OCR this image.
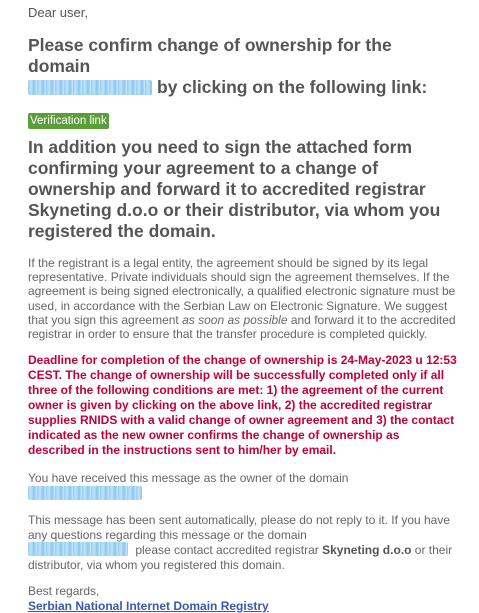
Dear user,

Please confirm change of ownership for the domain
by clicking on the following link:

Verification link

In addition you need to sign the attached form confirming your agreement to a change of ownership and forward it to accredited registrar Skyneting d.o.o or their distributor, via whom you registered the domain.

If the registrant is a legal entity, the agreement should be signed by its legal representative. Private individuals should sign the agreement themselves. If the agreement is being signed electronically, a qualified electronic signature must be used, in accordance with the Serbian Law on Electronic Signature. We suggest that you sign this agreement as soon as possible and forward it to the accredited registrar in order to ensure that the transfer procedure is completed quickly.

Deadline for completion of the change of ownership is 24-May-2023 u 12:53 CEST. The change of ownership will be successfully completed only if all three of the following conditions are met: 1) the agreement of the current owner is given by clicking on the above link, 2) the accredited registrar supplies RNIDS with a valid change of owner agreement and 3) the contact indicated as the new owner confirms the change of ownership as described in the instructions sent to him/her by email.

You have received this message as the owner of the domain

This message has been sent automatically, please do not reply to it. If you have any questions regarding this message or the domain
please contact accredited registrar Skyneting d.o.o or their distributor, via whom you registered this domain.

Best regards,
Serbian National Internet Domain Registry
